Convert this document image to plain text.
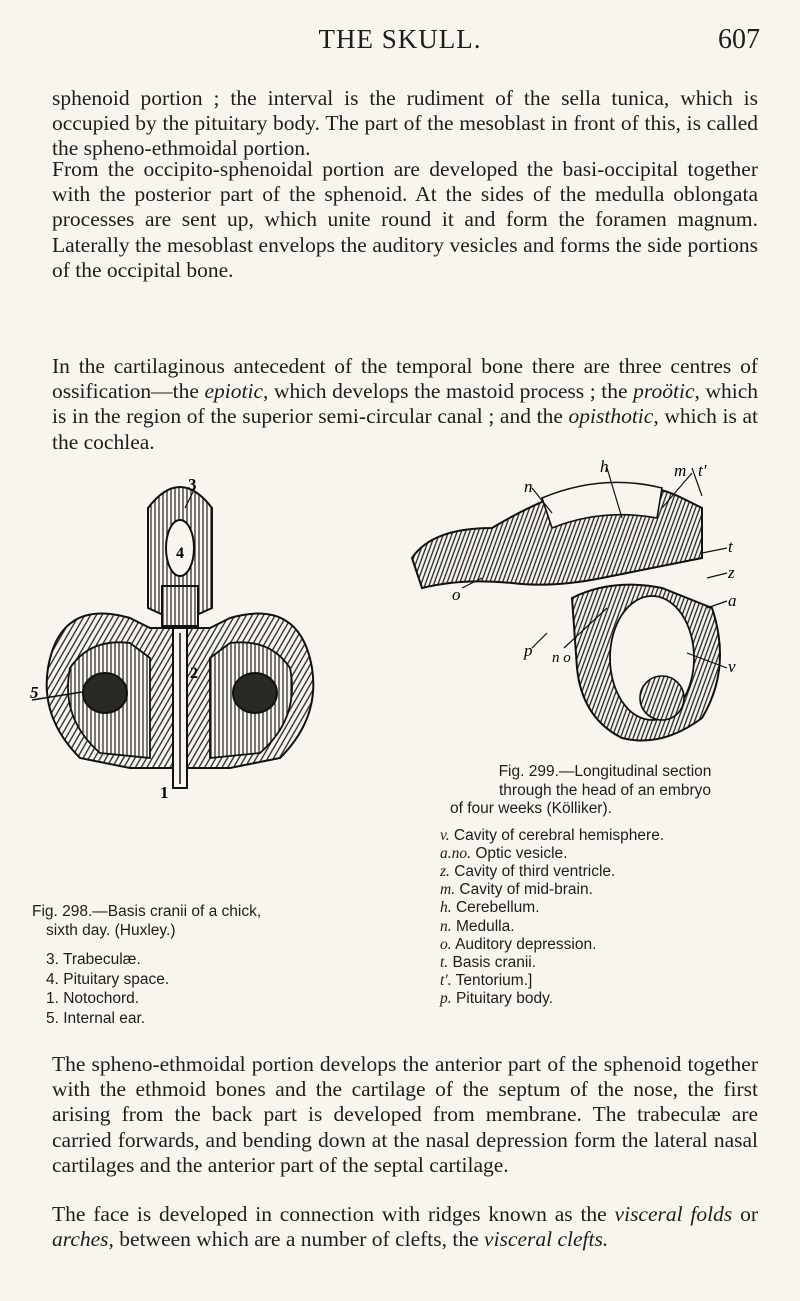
THE SKULL.	607

sphenoid portion ; the interval is the rudiment of the sella tunica, which is occupied by the pituitary body. The part of the mesoblast in front of this, is called the spheno-ethmoidal portion.

From the occipito-sphenoidal portion are developed the basi-occipital together with the posterior part of the sphenoid. At the sides of the medulla oblongata processes are sent up, which unite round it and form the foramen magnum. Laterally the mesoblast envelops the auditory vesicles and forms the side portions of the occipital bone.

In the cartilaginous antecedent of the temporal bone there are three centres of ossification—the epiotic, which develops the mastoid process ; the proötic, which is in the region of the superior semi-circular canal ; and the opisthotic, which is at the cochlea.

3
4
2
5
1

Fig. 298.—Basis cranii of a chick,
sixth day. (Huxley.)

3. Trabeculæ.
4. Pituitary space.
1. Notochord.
5. Internal ear.
n
h	m t′
t
z
a
o
p n o	v

Fig. 299.—Longitudinal section
through the head of an embryo
of four weeks (Kölliker).

v. Cavity of cerebral hemisphere.
a.no. Optic vesicle.
z. Cavity of third ventricle.
m. Cavity of mid-brain.
h. Cerebellum.
n. Medulla.
o. Auditory depression.
t. Basis cranii.
t′. Tentorium.]
p. Pituitary body.

The spheno-ethmoidal portion develops the anterior part of the sphenoid together with the ethmoid bones and the cartilage of the septum of the nose, the first arising from the back part is developed from membrane. The trabeculæ are carried forwards, and bending down at the nasal depression form the lateral nasal cartilages and the anterior part of the septal cartilage.

The face is developed in connection with ridges known as the visceral folds or arches, between which are a number of clefts, the visceral clefts.
